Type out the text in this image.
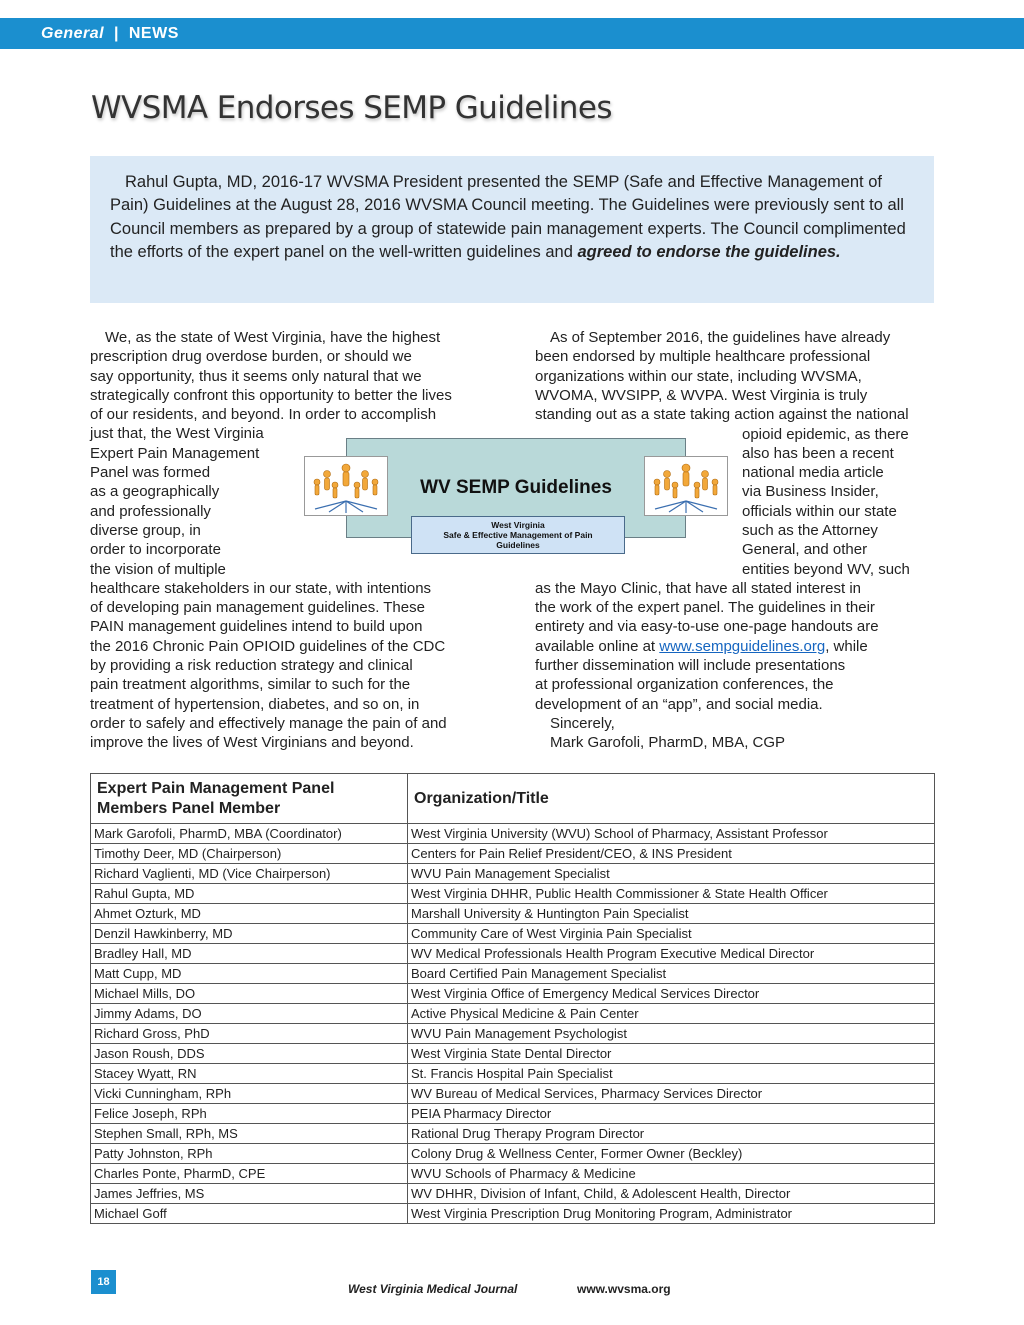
General | NEWS
WVSMA Endorses SEMP Guidelines
Rahul Gupta, MD, 2016-17 WVSMA President presented the SEMP (Safe and Effective Management of Pain) Guidelines at the August 28, 2016 WVSMA Council meeting. The Guidelines were previously sent to all Council members as prepared by a group of statewide pain management experts. The Council complimented the efforts of the expert panel on the well-written guidelines and agreed to endorse the guidelines.
We, as the state of West Virginia, have the highest
prescription drug overdose burden, or should we
say opportunity, thus it seems only natural that we
strategically confront this opportunity to better the lives
of our residents, and beyond. In order to accomplish
just that, the West Virginia
Expert Pain Management
Panel was formed
as a geographically
and professionally
diverse group, in
order to incorporate
the vision of multiple
healthcare stakeholders in our state, with intentions
of developing pain management guidelines. These
PAIN management guidelines intend to build upon
the 2016 Chronic Pain OPIOID guidelines of the CDC
by providing a risk reduction strategy and clinical
pain treatment algorithms, similar to such for the
treatment of hypertension, diabetes, and so on, in
order to safely and effectively manage the pain of and
improve the lives of West Virginians and beyond.
As of September 2016, the guidelines have already
been endorsed by multiple healthcare professional
organizations within our state, including WVSMA,
WVOMA, WVSIPP, & WVPA. West Virginia is truly
standing out as a state taking action against the national
opioid epidemic, as there
also has been a recent
national media article
via Business Insider,
officials within our state
such as the Attorney
General, and other
entities beyond WV, such
as the Mayo Clinic, that have all stated interest in
the work of the expert panel. The guidelines in their
entirety and via easy-to-use one-page handouts are
available online at www.sempguidelines.org, while
further dissemination will include presentations
at professional organization conferences, the
development of an “app”, and social media.
Sincerely,
Mark Garofoli, PharmD, MBA, CGP
WV SEMP Guidelines
West Virginia
Safe & Effective Management of Pain
Guidelines
Expert Pain Management Panel Members Panel Member	Organization/Title
Mark Garofoli, PharmD, MBA (Coordinator)	West Virginia University (WVU) School of Pharmacy, Assistant Professor
Timothy Deer, MD (Chairperson)	Centers for Pain Relief President/CEO, & INS President
Richard Vaglienti, MD (Vice Chairperson)	WVU Pain Management Specialist
Rahul Gupta, MD	West Virginia DHHR, Public Health Commissioner & State Health Officer
Ahmet Ozturk, MD	Marshall University & Huntington Pain Specialist
Denzil Hawkinberry, MD	Community Care of West Virginia Pain Specialist
Bradley Hall, MD	WV Medical Professionals Health Program Executive Medical Director
Matt Cupp, MD	Board Certified Pain Management Specialist
Michael Mills, DO	West Virginia Office of Emergency Medical Services Director
Jimmy Adams, DO	Active Physical Medicine & Pain Center
Richard Gross, PhD	WVU Pain Management Psychologist
Jason Roush, DDS	West Virginia State Dental Director
Stacey Wyatt, RN	St. Francis Hospital Pain Specialist
Vicki Cunningham, RPh	WV Bureau of Medical Services, Pharmacy Services Director
Felice Joseph, RPh	PEIA Pharmacy Director
Stephen Small, RPh, MS	Rational Drug Therapy Program Director
Patty Johnston, RPh	Colony Drug & Wellness Center, Former Owner (Beckley)
Charles Ponte, PharmD, CPE	WVU Schools of Pharmacy & Medicine
James Jeffries, MS	WV DHHR, Division of Infant, Child, & Adolescent Health, Director
Michael Goff	West Virginia Prescription Drug Monitoring Program, Administrator
18	West Virginia Medical Journal	www.wvsma.org
